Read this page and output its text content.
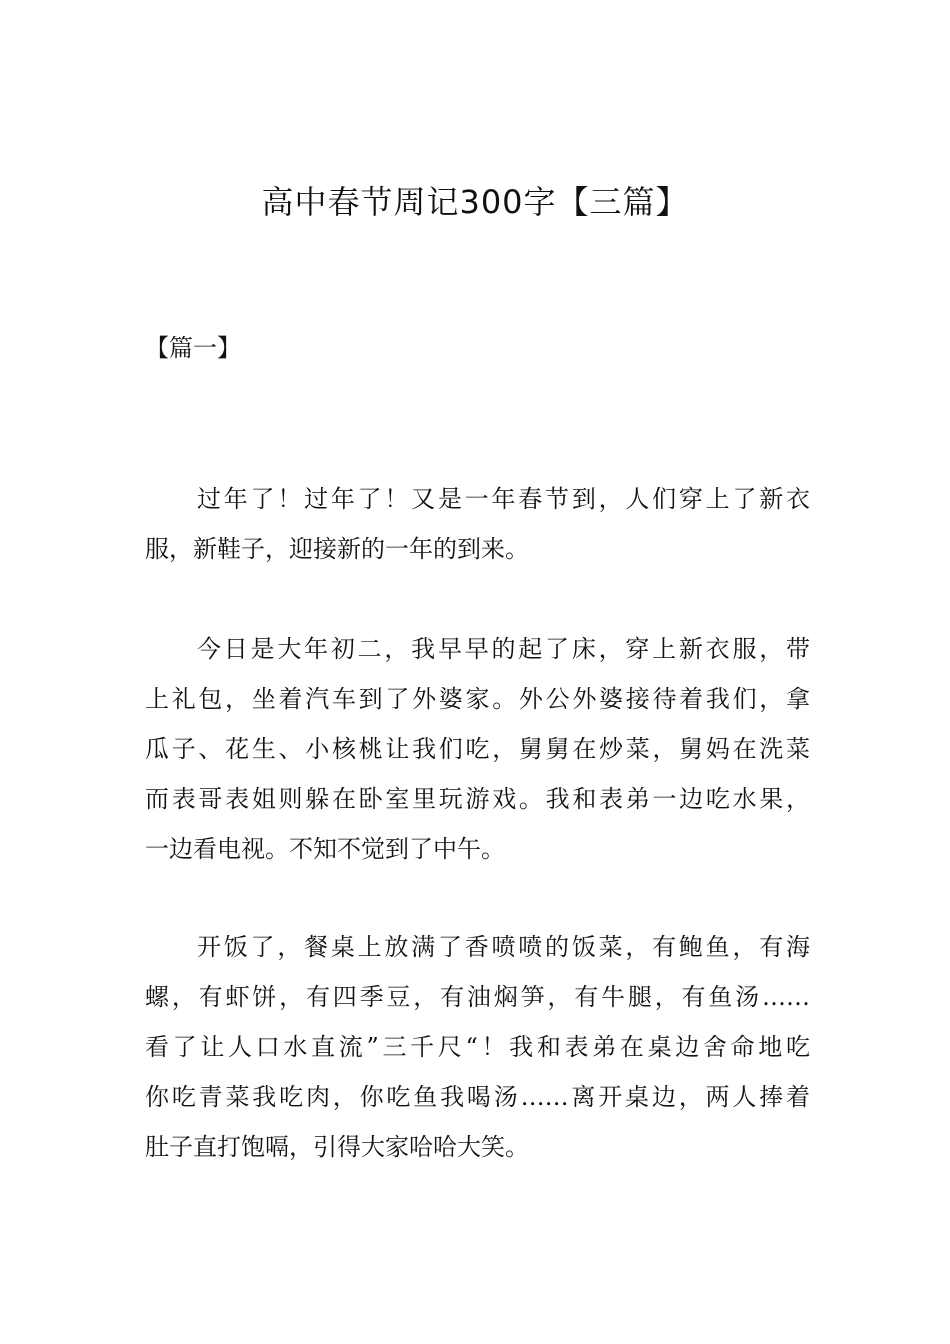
高中春节周记300字【三篇】
【篇一】

过年了！过年了！又是一年春节到，人们穿上了新衣
服，新鞋子，迎接新的一年的到来。

今日是大年初二，我早早的起了床，穿上新衣服，带
上礼包，坐着汽车到了外婆家。外公外婆接待着我们，拿
瓜子、花生、小核桃让我们吃，舅舅在炒菜，舅妈在洗菜
而表哥表姐则躲在卧室里玩游戏。我和表弟一边吃水果，
一边看电视。不知不觉到了中午。

开饭了，餐桌上放满了香喷喷的饭菜，有鲍鱼，有海
螺，有虾饼，有四季豆，有油焖笋，有牛腿，有鱼汤……
看了让人口水直流”三千尺“！我和表弟在桌边舍命地吃
你吃青菜我吃肉，你吃鱼我喝汤……离开桌边，两人捧着
肚子直打饱嗝，引得大家哈哈大笑。
